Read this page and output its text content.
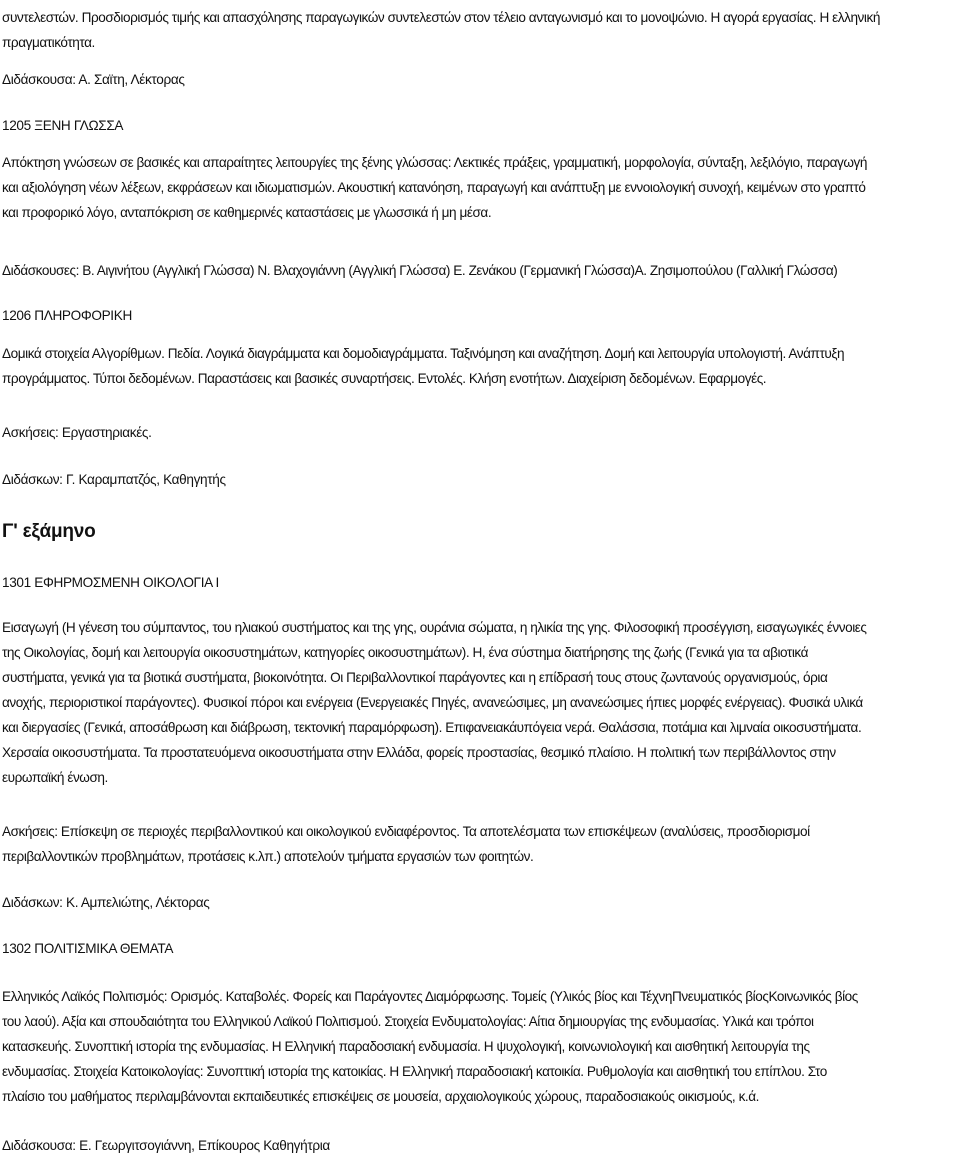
συντελεστών. Προσδιορισμός τιμής και απασχόλησης παραγωγικών συντελεστών στον τέλειο ανταγωνισμό και το μονοψώνιο. Η αγορά εργασίας. Η ελληνική
πραγματικότητα.
Διδάσκουσα: Α. Σαϊτη, Λέκτορας
1205 ΞΕΝΗ ΓΛΩΣΣΑ
Απόκτηση γνώσεων σε βασικές και απαραίτητες λειτουργίες της ξένης γλώσσας: Λεκτικές πράξεις, γραμματική, μορφολογία, σύνταξη, λεξιλόγιο, παραγωγή
και αξιολόγηση νέων λέξεων, εκφράσεων και ιδιωματισμών. Ακουστική κατανόηση, παραγωγή και ανάπτυξη με εννοιολογική συνοχή, κειμένων στο γραπτό
και προφορικό λόγο, ανταπόκριση σε καθημερινές καταστάσεις με γλωσσικά ή μη μέσα.
Διδάσκουσες: Β. Αιγινήτου (Αγγλική Γλώσσα) Ν. Βλαχογιάννη (Αγγλική Γλώσσα) Ε. Ζενάκου (Γερμανική Γλώσσα)Α. Ζησιμοπούλου (Γαλλική Γλώσσα)
1206 ΠΛΗΡΟΦΟΡΙΚΗ
Δομικά στοιχεία Αλγορίθμων. Πεδία. Λογικά διαγράμματα και δομοδιαγράμματα. Ταξινόμηση και αναζήτηση. Δομή και λειτουργία υπολογιστή. Ανάπτυξη
προγράμματος. Τύποι δεδομένων. Παραστάσεις και βασικές συναρτήσεις. Εντολές. Κλήση ενοτήτων. Διαχείριση δεδομένων. Εφαρμογές.
Ασκήσεις: Εργαστηριακές.
Διδάσκων: Γ. Καραμπατζός, Καθηγητής
Γ' εξάμηνο
1301 ΕΦΗΡΜΟΣΜΕΝΗ ΟΙΚΟΛΟΓΙΑ Ι
Εισαγωγή (Η γένεση του σύμπαντος, του ηλιακού συστήματος και της γης, ουράνια σώματα, η ηλικία της γης. Φιλοσοφική προσέγγιση, εισαγωγικές έννοιες
της Οικολογίας, δομή και λειτουργία οικοσυστημάτων, κατηγορίες οικοσυστημάτων). Η, ένα σύστημα διατήρησης της ζωής (Γενικά για τα αβιοτικά
συστήματα, γενικά για τα βιοτικά συστήματα, βιοκοινότητα. Οι Περιβαλλοντικοί παράγοντες και η επίδρασή τους στους ζωντανούς οργανισμούς, όρια
ανοχής, περιοριστικοί παράγοντες). Φυσικοί πόροι και ενέργεια (Ενεργειακές Πηγές, ανανεώσιμες, μη ανανεώσιμες ήπιες μορφές ενέργειας). Φυσικά υλικά
και διεργασίες (Γενικά, αποσάθρωση και διάβρωση, τεκτονική παραμόρφωση). Επιφανειακάυπόγεια νερά. Θαλάσσια, ποτάμια και λιμναία οικοσυστήματα.
Χερσαία οικοσυστήματα. Τα προστατευόμενα οικοσυστήματα στην Ελλάδα, φορείς προστασίας, θεσμικό πλαίσιο. Η πολιτική των περιβάλλοντος στην
ευρωπαϊκή ένωση.
Ασκήσεις: Επίσκεψη σε περιοχές περιβαλλοντικού και οικολογικού ενδιαφέροντος. Τα αποτελέσματα των επισκέψεων (αναλύσεις, προσδιορισμοί
περιβαλλοντικών προβλημάτων, προτάσεις κ.λπ.) αποτελούν τμήματα εργασιών των φοιτητών.
Διδάσκων: Κ. Αμπελιώτης, Λέκτορας
1302 ΠΟΛΙΤΙΣΜΙΚΑ ΘΕΜΑΤΑ
Ελληνικός Λαϊκός Πολιτισμός: Ορισμός. Καταβολές. Φορείς και Παράγοντες Διαμόρφωσης. Τομείς (Υλικός βίος και ΤέχνηΠνευματικός βίοςΚοινωνικός βίος
του λαού). Αξία και σπουδαιότητα του Ελληνικού Λαϊκού Πολιτισμού. Στοιχεία Ενδυματολογίας: Αίτια δημιουργίας της ενδυμασίας. Υλικά και τρόποι
κατασκευής. Συνοπτική ιστορία της ενδυμασίας. Η Ελληνική παραδοσιακή ενδυμασία. Η ψυχολογική, κοινωνιολογική και αισθητική λειτουργία της
ενδυμασίας. Στοιχεία Κατοικολογίας: Συνοπτική ιστορία της κατοικίας. Η Ελληνική παραδοσιακή κατοικία. Ρυθμολογία και αισθητική του επίπλου. Στο
πλαίσιο του μαθήματος περιλαμβάνονται εκπαιδευτικές επισκέψεις σε μουσεία, αρχαιολογικούς χώρους, παραδοσιακούς οικισμούς, κ.ά.
Διδάσκουσα: Ε. Γεωργιτσογιάννη, Επίκουρος Καθηγήτρια
